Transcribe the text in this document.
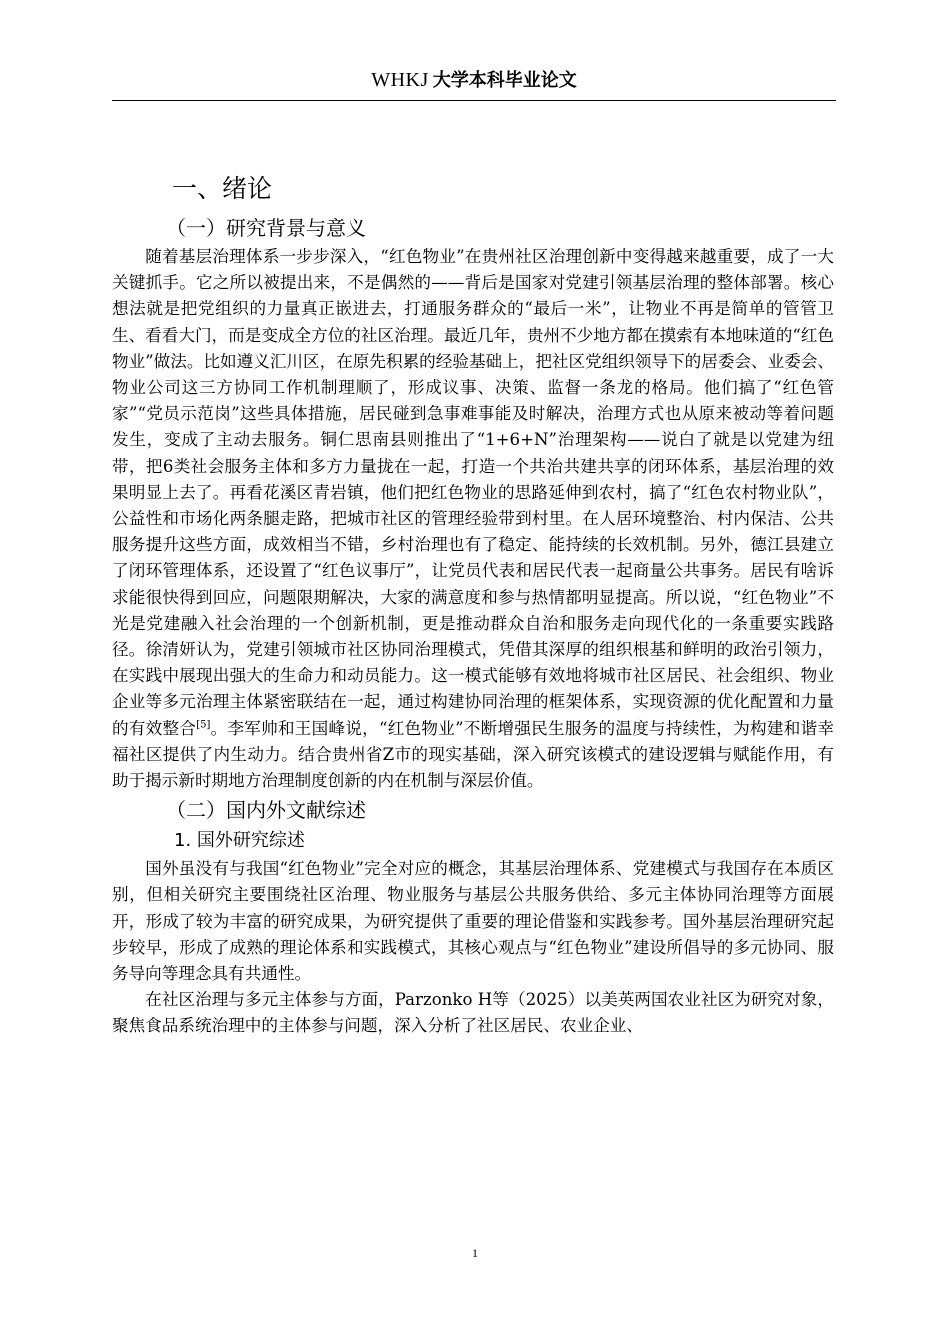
WHKJ 大学本科毕业论文
一、绪论
（一）研究背景与意义

随着基层治理体系一步步深入，“红色物业”在贵州社区治理创新中变得越来越重要，成了一大关键抓手。它之所以被提出来，不是偶然的——背后是国家对党建引领基层治理的整体部署。核心想法就是把党组织的力量真正嵌进去，打通服务群众的“最后一米”，让物业不再是简单的管管卫生、看看大门，而是变成全方位的社区治理。最近几年，贵州不少地方都在摸索有本地味道的“红色物业”做法。比如遵义汇川区，在原先积累的经验基础上，把社区党组织领导下的居委会、业委会、物业公司这三方协同工作机制理顺了，形成议事、决策、监督一条龙的格局。他们搞了“红色管家”“党员示范岗”这些具体措施，居民碰到急事难事能及时解决，治理方式也从原来被动等着问题发生，变成了主动去服务。铜仁思南县则推出了“1+6+N”治理架构——说白了就是以党建为纽带，把6类社会服务主体和多方力量拢在一起，打造一个共治共建共享的闭环体系，基层治理的效果明显上去了。再看花溪区青岩镇，他们把红色物业的思路延伸到农村，搞了“红色农村物业队”，公益性和市场化两条腿走路，把城市社区的管理经验带到村里。在人居环境整治、村内保洁、公共服务提升这些方面，成效相当不错，乡村治理也有了稳定、能持续的长效机制。另外，德江县建立了闭环管理体系，还设置了“红色议事厅”，让党员代表和居民代表一起商量公共事务。居民有啥诉求能很快得到回应，问题限期解决，大家的满意度和参与热情都明显提高。所以说，“红色物业”不光是党建融入社会治理的一个创新机制，更是推动群众自治和服务走向现代化的一条重要实践路径。徐清妍认为，党建引领城市社区协同治理模式，凭借其深厚的组织根基和鲜明的政治引领力，在实践中展现出强大的生命力和动员能力。这一模式能够有效地将城市社区居民、社会组织、物业企业等多元治理主体紧密联结在一起，通过构建协同治理的框架体系，实现资源的优化配置和力量的有效整合[5]。李军帅和王国峰说，“红色物业”不断增强民生服务的温度与持续性，为构建和谐幸福社区提供了内生动力。结合贵州省Z市的现实基础，深入研究该模式的建设逻辑与赋能作用，有助于揭示新时期地方治理制度创新的内在机制与深层价值。

（二）国内外文献综述
1. 国外研究综述

国外虽没有与我国“红色物业”完全对应的概念，其基层治理体系、党建模式与我国存在本质区别，但相关研究主要围绕社区治理、物业服务与基层公共服务供给、多元主体协同治理等方面展开，形成了较为丰富的研究成果，为研究提供了重要的理论借鉴和实践参考。国外基层治理研究起步较早，形成了成熟的理论体系和实践模式，其核心观点与“红色物业”建设所倡导的多元协同、服务导向等理念具有共通性。

在社区治理与多元主体参与方面，Parzonko H等（2025）以美英两国农业社区为研究对象，聚焦食品系统治理中的主体参与问题，深入分析了社区居民、农业企业、

1
